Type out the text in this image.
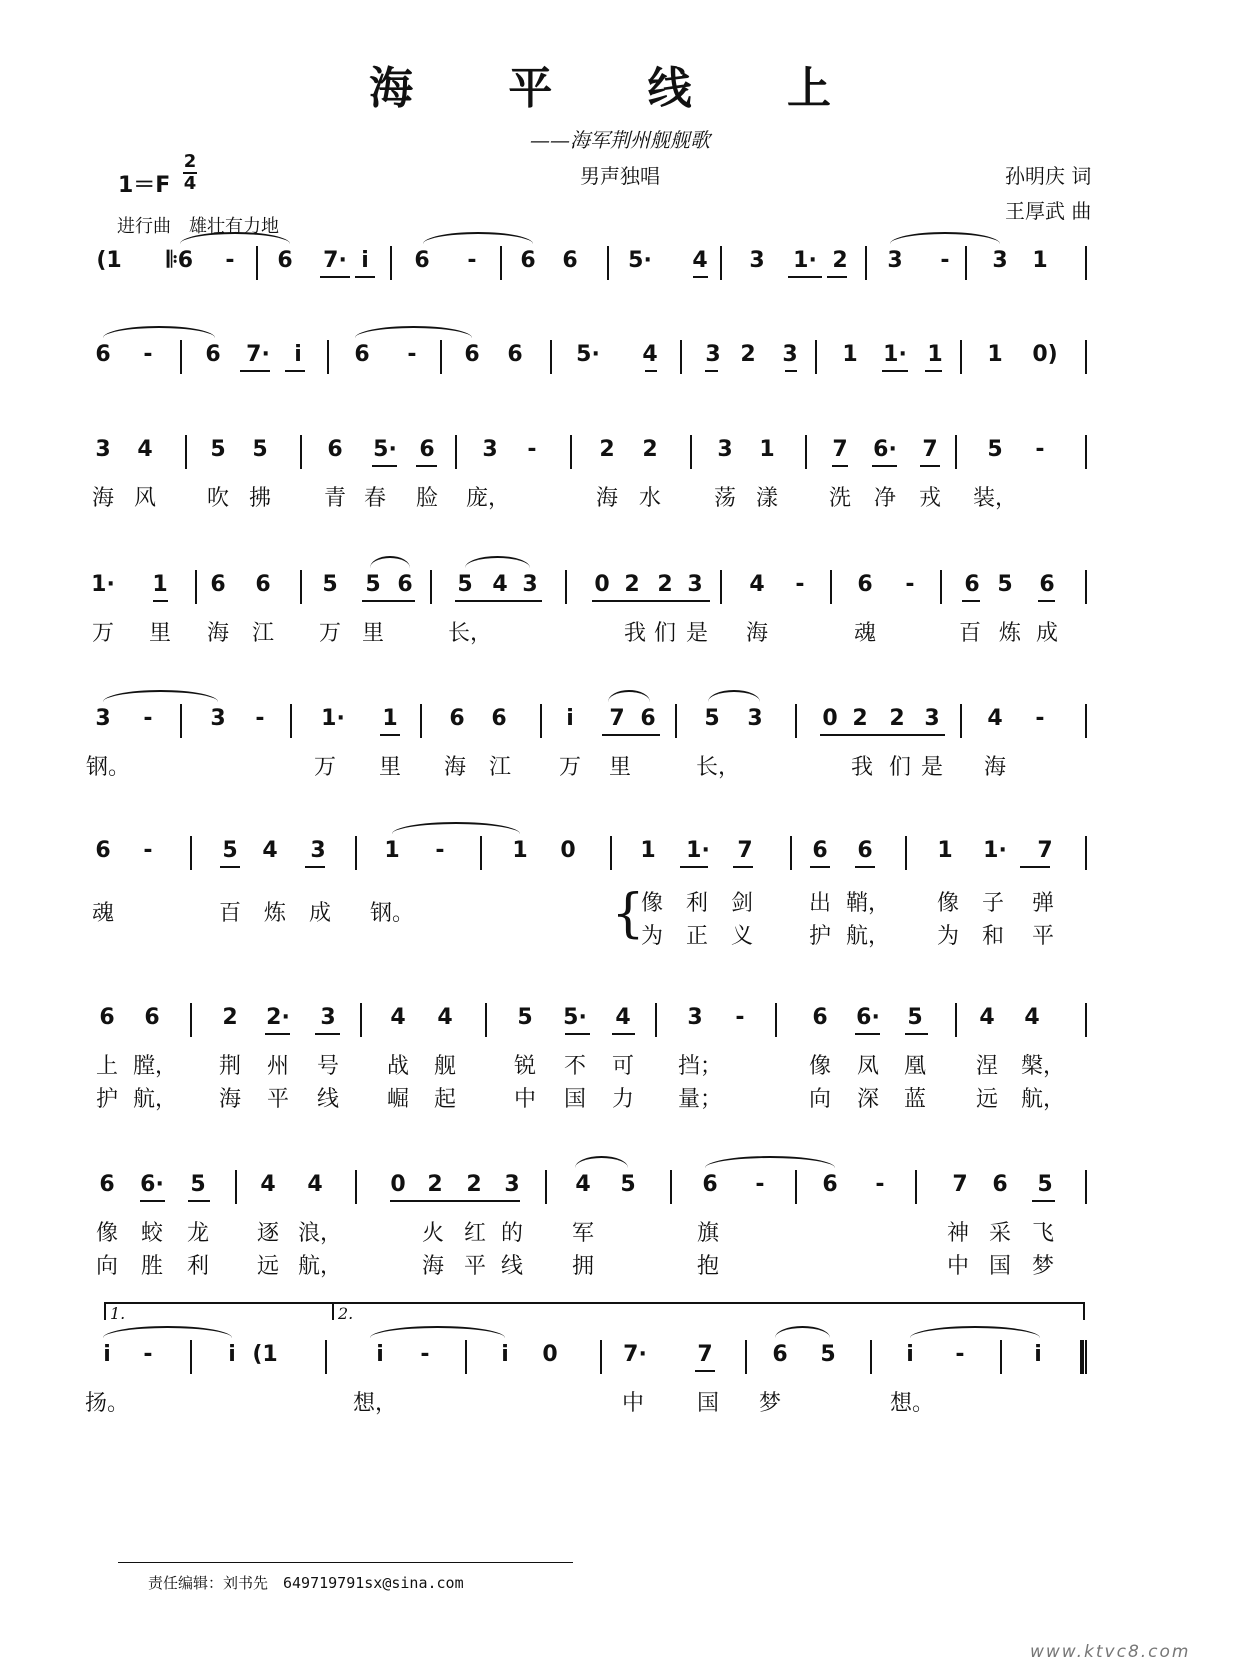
海 平 线 上
——海军荆州舰舰歌
男声独唱
1＝F
2
4
进行曲　雄壮有力地
孙明庆 词
王厚武 曲
(1 𝄆6 - 6 7· i 6 - 6 6 5· 4 3 1· 2 3 - 3 1
6 - 6 7· i 6 - 6 6 5· 4 3 2 3 1 1· 1 1 0)
3 4	5 5	6 5· 6 3 -	2 2	3 1	7 6· 7 5 -
海 风 吹 拂 青 春 脸 庞，	海 水 荡 漾 洗 净 戎 装，
1· 1 6 6 5 5 6 5 4 3	0 2 2 3 4 - 6 - 6 5 6
万 里 海 江 万 里	长，	我 们 是 海	魂	百 炼 成
3 -	3 -	1· 1 6 6	i 7 6 5 3	0 2 2 3 4 -
钢。	万 里 海 江 万 里	长，	我 们 是 海
6 -	5 4 3	1 -	1 0	1 1· 7	6 6	1 1· 7
魂	百 炼 成 钢。	像 利 剑	出 鞘， 像 子 弹
为 正 义	护 航， 为 和 平
{
6 6	2 2· 3 4 4	5 5· 4	3 -	6 6· 5	4 4
上 膛， 荆 州 号 战 舰	锐 不 可 挡；	像 凤 凰 涅 槃，
护 航， 海 平 线 崛 起	中 国 力 量；	向 深 蓝 远 航，
6 6· 5 4 4	0 2 2 3	4 5	6 -	6 -	7 6 5
像 蛟 龙 逐 浪，	火 红 的 军	旗	神 采 飞
向 胜 利 远 航，	海 平 线 拥	抱	中 国 梦
i -	i (1	i -	i 0	7· 7	6 5	i -	i
扬。	想，	中 国 梦	想。
1.	2.
责任编辑：刘书先　649719791sx@sina.com
www.ktvc8.com
